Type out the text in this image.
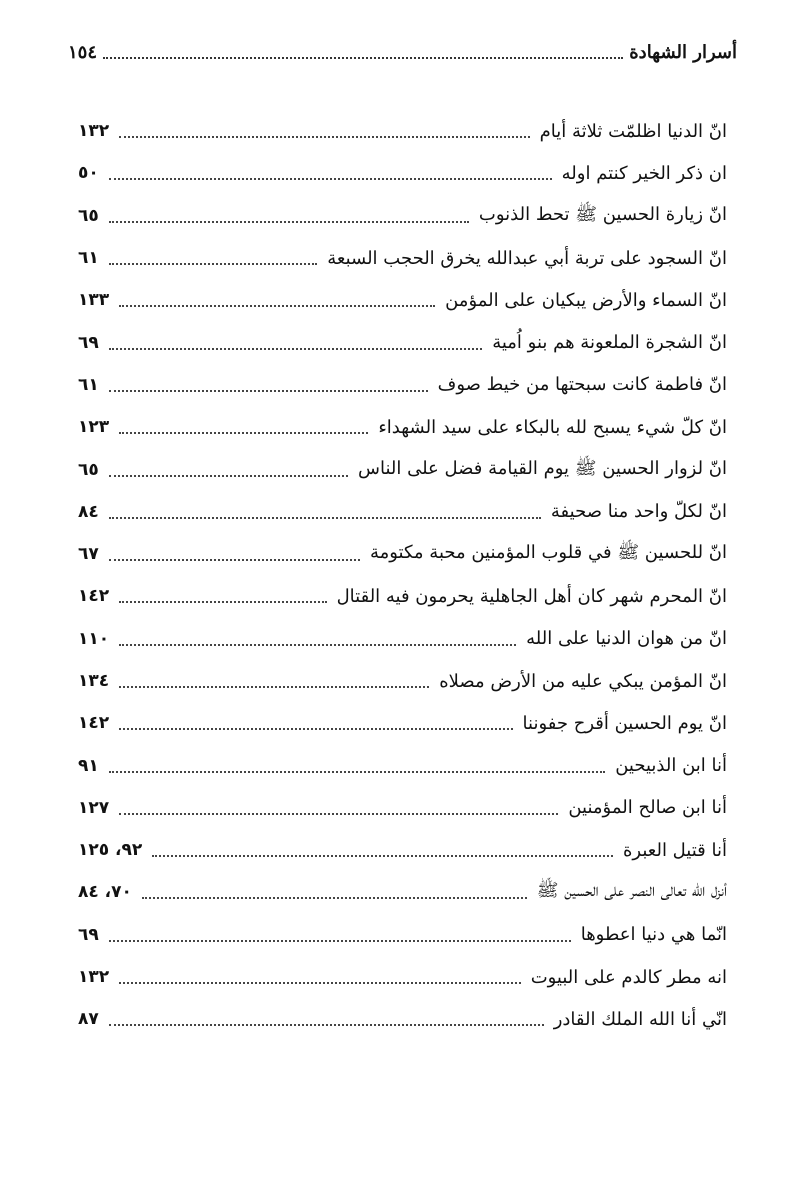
أسرار الشهادة
١٥٤
انّ الدنيا اظلمّت ثلاثة أيام
١٣٢
ان ذكر الخير كنتم اوله
٥٠
انّ زيارة الحسين ﷺ تحط الذنوب
٦٥
انّ السجود على تربة أبي عبدالله يخرق الحجب السبعة
٦١
انّ السماء والأرض يبكيان على المؤمن
١٣٣
انّ الشجرة الملعونة هم بنو اُمية
٦٩
انّ فاطمة كانت سبحتها من خيط صوف
٦١
انّ كلّ شيء يسبح لله بالبكاء على سيد الشهداء
١٢٣
انّ لزوار الحسين ﷺ يوم القيامة فضل على الناس
٦٥
انّ لكلّ واحد منا صحيفة
٨٤
انّ للحسين ﷺ في قلوب المؤمنين محبة مكتومة
٦٧
انّ المحرم شهر كان أهل الجاهلية يحرمون فيه القتال
١٤٢
انّ من هوان الدنيا على الله
١١٠
انّ المؤمن يبكي عليه من الأرض مصلاه
١٣٤
انّ يوم الحسين أقرح جفوننا
١٤٢
أنا ابن الذبيحين
٩١
أنا ابن صالح المؤمنين
١٢٧
أنا قتيل العبرة
٩٢، ١٢٥
أنزل الله تعالى النصر على الحسين ﷺ
٧٠، ٨٤
انّما هي دنيا اعطوها
٦٩
انه مطر كالدم على البيوت
١٣٢
انّي أنا الله الملك القادر
٨٧
